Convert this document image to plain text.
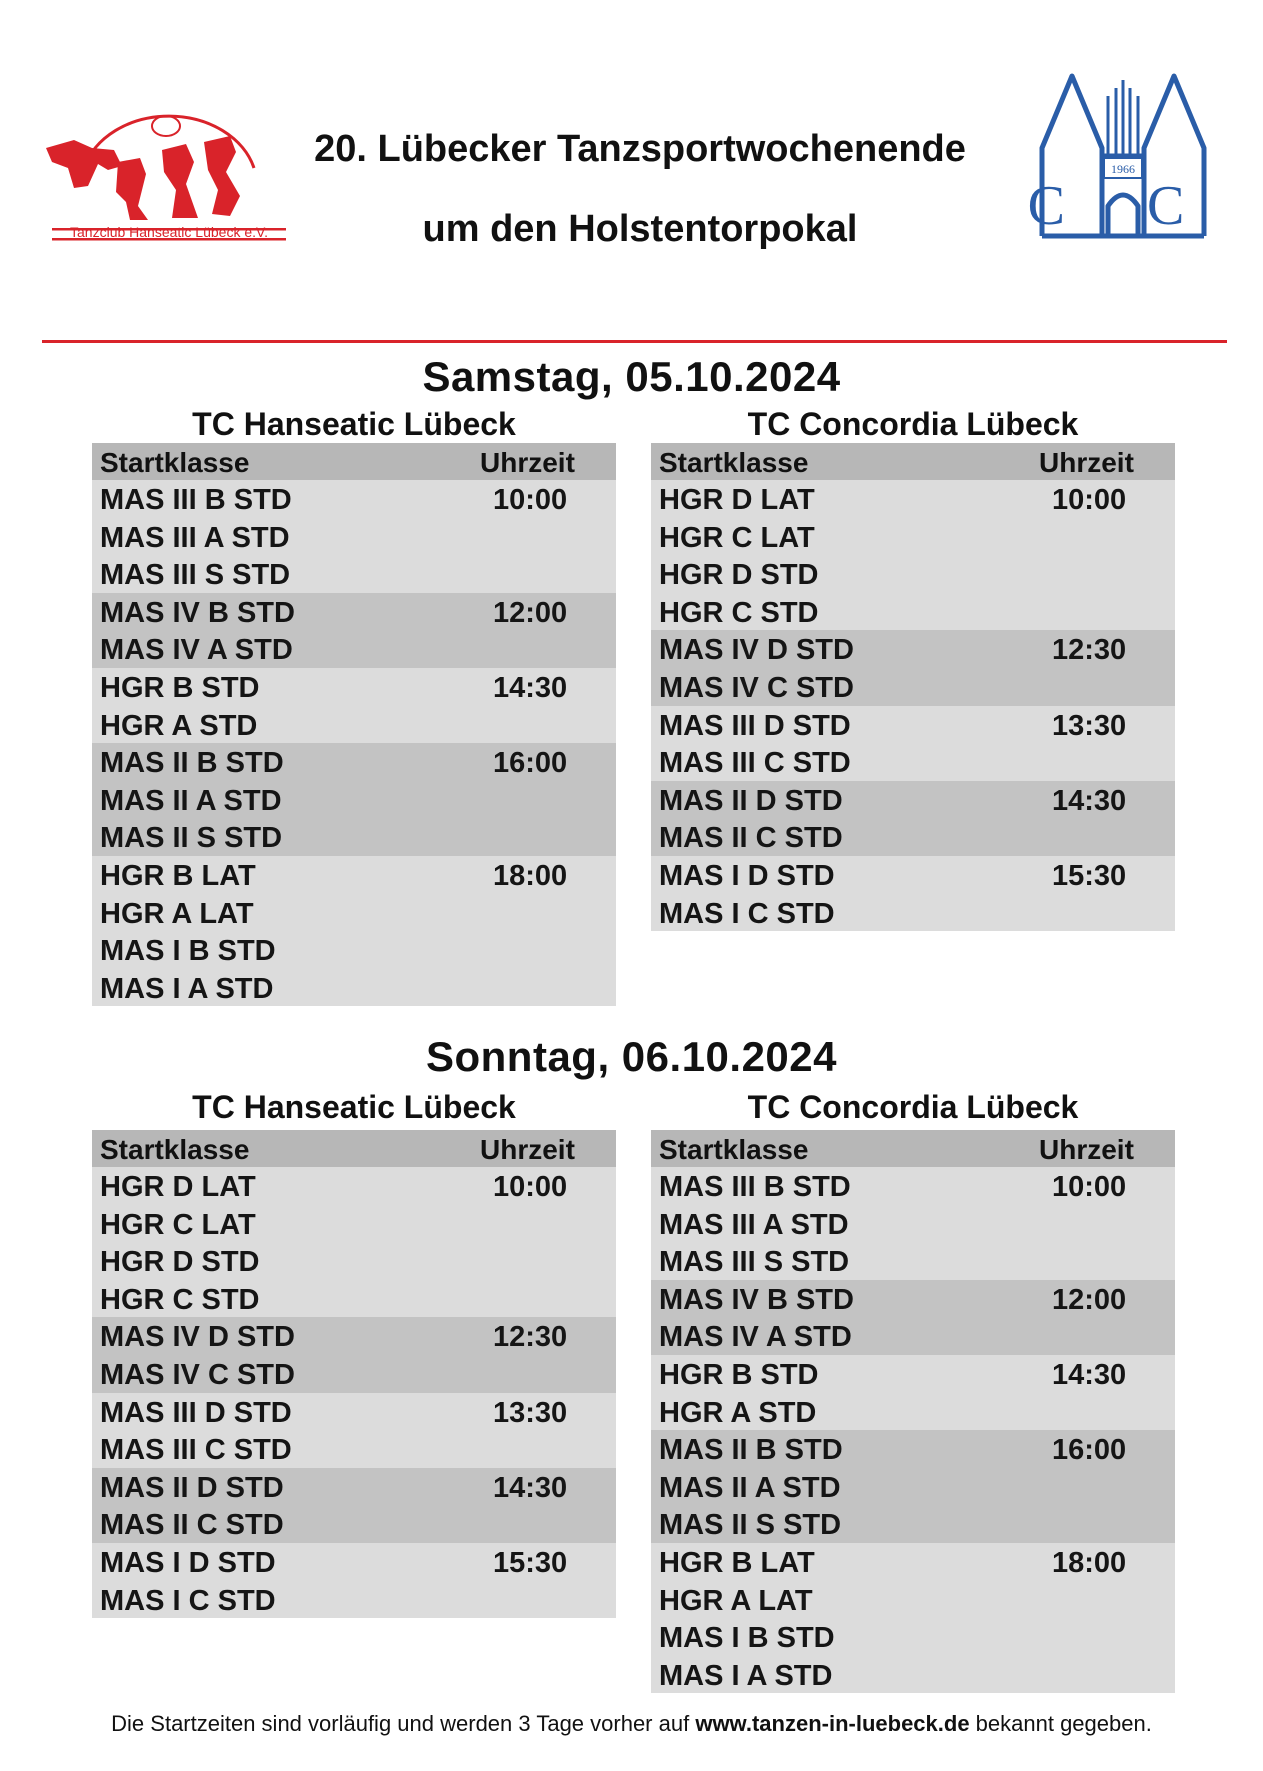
Tanzclub Hanseatic Lübeck e.V.
20. Lübecker Tanzsportwochenende
um den Holstentorpokal
1966
C C
Samstag, 05.10.2024
TC Hanseatic Lübeck	TC Concordia Lübeck
Startklasse	Uhrzeit
MAS III B STD	10:00
MAS III A STD
MAS III S STD
MAS IV B STD	12:00
MAS IV A STD
HGR B STD	14:30
HGR A STD
MAS II B STD	16:00
MAS II A STD
MAS II S STD
HGR B LAT	18:00
HGR A LAT
MAS I B STD
MAS I A STD
Startklasse	Uhrzeit
HGR D LAT	10:00
HGR C LAT
HGR D STD
HGR C STD
MAS IV D STD	12:30
MAS IV C STD
MAS III D STD	13:30
MAS III C STD
MAS II D STD	14:30
MAS II C STD
MAS I D STD	15:30
MAS I C STD
Sonntag, 06.10.2024
TC Hanseatic Lübeck	TC Concordia Lübeck
Startklasse	Uhrzeit
HGR D LAT	10:00
HGR C LAT
HGR D STD
HGR C STD
MAS IV D STD	12:30
MAS IV C STD
MAS III D STD	13:30
MAS III C STD
MAS II D STD	14:30
MAS II C STD
MAS I D STD	15:30
MAS I C STD
Startklasse	Uhrzeit
MAS III B STD	10:00
MAS III A STD
MAS III S STD
MAS IV B STD	12:00
MAS IV A STD
HGR B STD	14:30
HGR A STD
MAS II B STD	16:00
MAS II A STD
MAS II S STD
HGR B LAT	18:00
HGR A LAT
MAS I B STD
MAS I A STD
Die Startzeiten sind vorläufig und werden 3 Tage vorher auf www.tanzen-in-luebeck.de bekannt gegeben.
